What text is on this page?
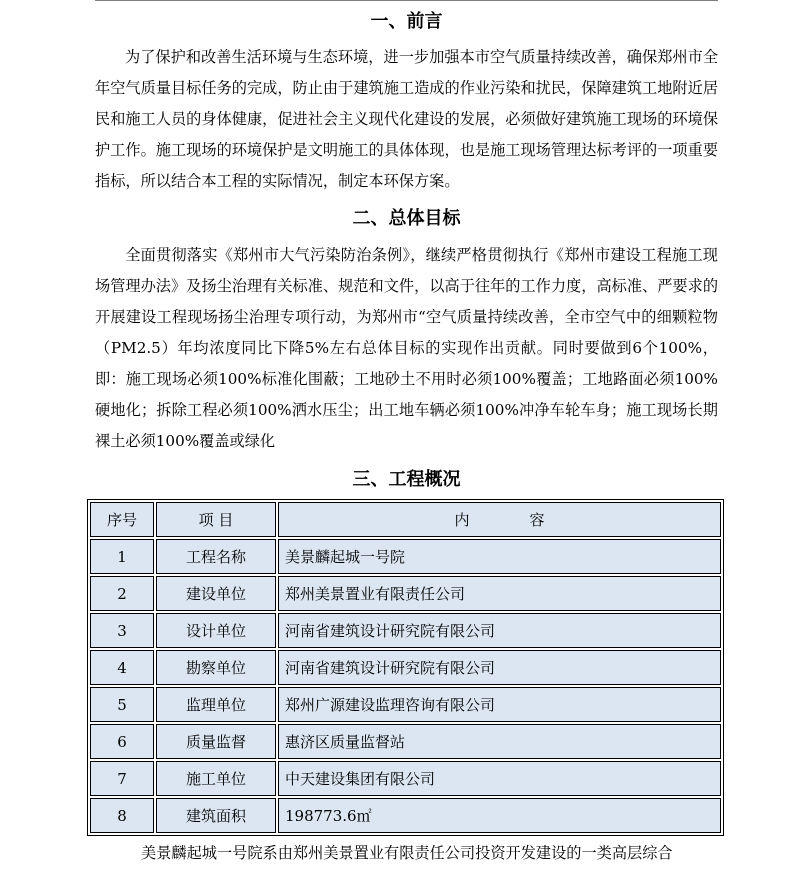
一、前言

为了保护和改善生活环境与生态环境，进一步加强本市空气质量持续改善，确保郑州市全年空气质量目标任务的完成，防止由于建筑施工造成的作业污染和扰民，保障建筑工地附近居民和施工人员的身体健康，促进社会主义现代化建设的发展，必须做好建筑施工现场的环境保护工作。施工现场的环境保护是文明施工的具体体现，也是施工现场管理达标考评的一项重要指标，所以结合本工程的实际情况，制定本环保方案。

二、总体目标

全面贯彻落实《郑州市大气污染防治条例》，继续严格贯彻执行《郑州市建设工程施工现场管理办法》及扬尘治理有关标准、规范和文件，以高于往年的工作力度，高标准、严要求的开展建设工程现场扬尘治理专项行动，为郑州市“空气质量持续改善，全市空气中的细颗粒物（PM2.5）年均浓度同比下降5%左右总体目标的实现作出贡献。同时要做到6个100%，即：施工现场必须100%标准化围蔽；工地砂土不用时必须100%覆盖；工地路面必须100%硬地化；拆除工程必须100%洒水压尘；出工地车辆必须100%冲净车轮车身；施工现场长期裸土必须100%覆盖或绿化

三、工程概况
序号	项 目	内 容
1	工程名称	美景麟起城一号院
2	建设单位	郑州美景置业有限责任公司
3	设计单位	河南省建筑设计研究院有限公司
4	勘察单位	河南省建筑设计研究院有限公司
5	监理单位	郑州广源建设监理咨询有限公司
6	质量监督	惠济区质量监督站
7	施工单位	中天建设集团有限公司
8	建筑面积	198773.6㎡
美景麟起城一号院系由郑州美景置业有限责任公司投资开发建设的一类高层综合
